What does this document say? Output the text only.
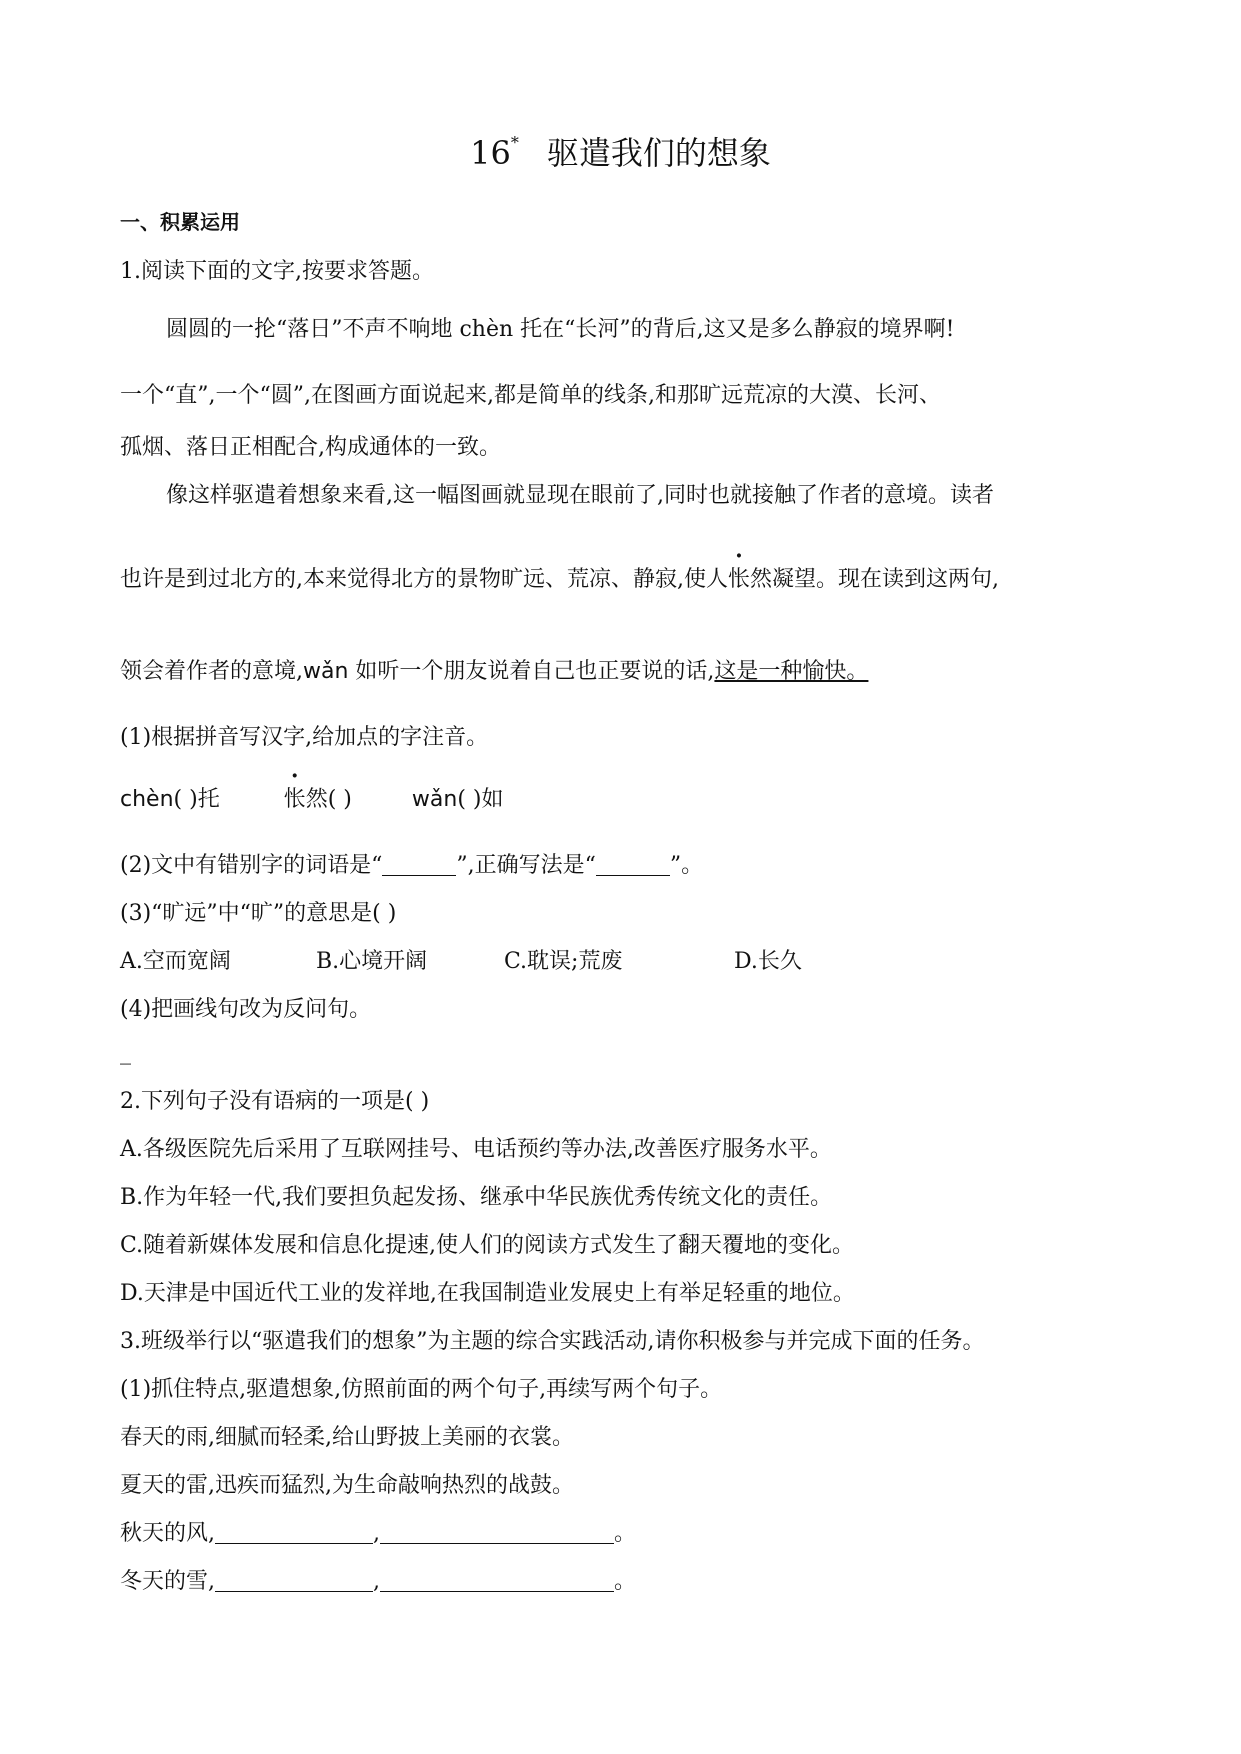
16* 驱遣我们的想象
一、积累运用
1.阅读下面的文字,按要求答题。
圆圆的一抡“落日”不声不响地 chèn 托在“长河”的背后,这又是多么静寂的境界啊!
一个“直”,一个“圆”,在图画方面说起来,都是简单的线条,和那旷远荒凉的大漠、长河、
孤烟、落日正相配合,构成通体的一致。
像这样驱遣着想象来看,这一幅图画就显现在眼前了,同时也就接触了作者的意境。读者
也许是到过北方的,本来觉得北方的景物旷远、荒凉、静寂,使人怅然凝望。现在读到这两句,
领会着作者的意境,wǎn 如听一个朋友说着自己也正要说的话,这是一种愉快。
(1)根据拼音写汉字,给加点的字注音。
chèn( )托	怅然( )	wǎn( )如
(2)文中有错别字的词语是“	”,正确写法是“	”。
(3)“旷远”中“旷”的意思是( )
A.空而宽阔	B.心境开阔	C.耽误;荒废	D.长久
(4)把画线句改为反问句。
_
2.下列句子没有语病的一项是( )
A.各级医院先后采用了互联网挂号、电话预约等办法,改善医疗服务水平。
B.作为年轻一代,我们要担负起发扬、继承中华民族优秀传统文化的责任。
C.随着新媒体发展和信息化提速,使人们的阅读方式发生了翻天覆地的变化。
D.天津是中国近代工业的发祥地,在我国制造业发展史上有举足轻重的地位。
3.班级举行以“驱遣我们的想象”为主题的综合实践活动,请你积极参与并完成下面的任务。
(1)抓住特点,驱遣想象,仿照前面的两个句子,再续写两个句子。
春天的雨,细腻而轻柔,给山野披上美丽的衣裳。
夏天的雷,迅疾而猛烈,为生命敲响热烈的战鼓。
秋天的风,	,	。
冬天的雪,	,	。
